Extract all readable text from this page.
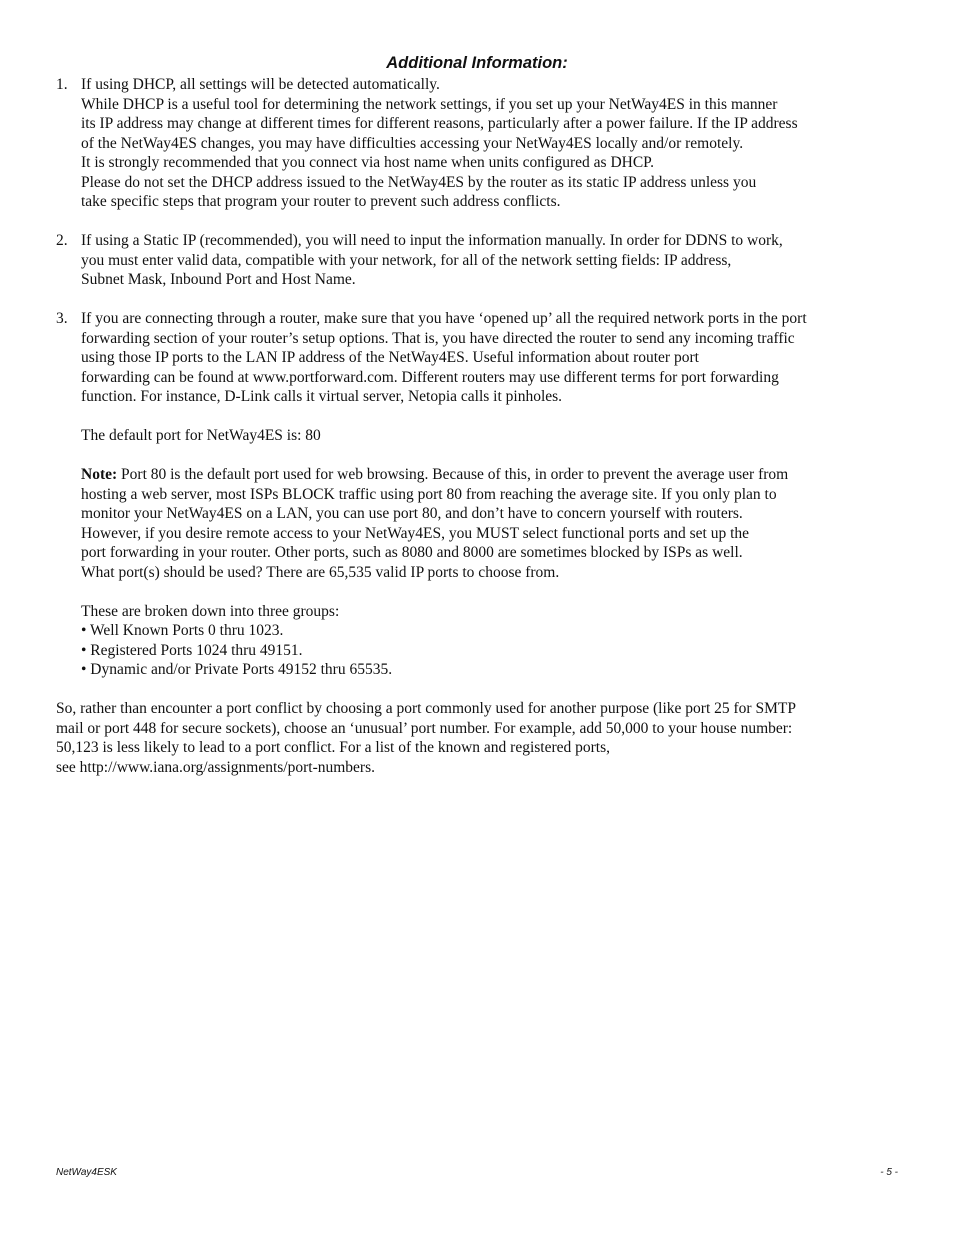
Additional Information:
1. If using DHCP, all settings will be detected automatically.
While DHCP is a useful tool for determining the network settings, if you set up your NetWay4ES in this manner
its IP address may change at different times for different reasons, particularly after a power failure. If the IP address
of the NetWay4ES changes, you may have difficulties accessing your NetWay4ES locally and/or remotely.
It is strongly recommended that you connect via host name when units configured as DHCP.
Please do not set the DHCP address issued to the NetWay4ES by the router as its static IP address unless you
take specific steps that program your router to prevent such address conflicts.
2. If using a Static IP (recommended), you will need to input the information manually. In order for DDNS to work,
you must enter valid data, compatible with your network, for all of the network setting fields: IP address,
Subnet Mask, Inbound Port and Host Name.
3. If you are connecting through a router, make sure that you have ‘opened up’ all the required network ports in the port
forwarding section of your router’s setup options. That is, you have directed the router to send any incoming traffic
using those IP ports to the LAN IP address of the NetWay4ES. Useful information about router port
forwarding can be found at www.portforward.com. Different routers may use different terms for port forwarding
function. For instance, D-Link calls it virtual server, Netopia calls it pinholes.
The default port for NetWay4ES is: 80
Note: Port 80 is the default port used for web browsing. Because of this, in order to prevent the average user from
hosting a web server, most ISPs BLOCK traffic using port 80 from reaching the average site. If you only plan to
monitor your NetWay4ES on a LAN, you can use port 80, and don’t have to concern yourself with routers.
However, if you desire remote access to your NetWay4ES, you MUST select functional ports and set up the
port forwarding in your router. Other ports, such as 8080 and 8000 are sometimes blocked by ISPs as well.
What port(s) should be used? There are 65,535 valid IP ports to choose from.
These are broken down into three groups:
• Well Known Ports 0 thru 1023.
• Registered Ports 1024 thru 49151.
• Dynamic and/or Private Ports 49152 thru 65535.
So, rather than encounter a port conflict by choosing a port commonly used for another purpose (like port 25 for SMTP
mail or port 448 for secure sockets), choose an ‘unusual’ port number. For example, add 50,000 to your house number:
50,123 is less likely to lead to a port conflict. For a list of the known and registered ports,
see http://www.iana.org/assignments/port-numbers.
NetWay4ESK	- 5 -
